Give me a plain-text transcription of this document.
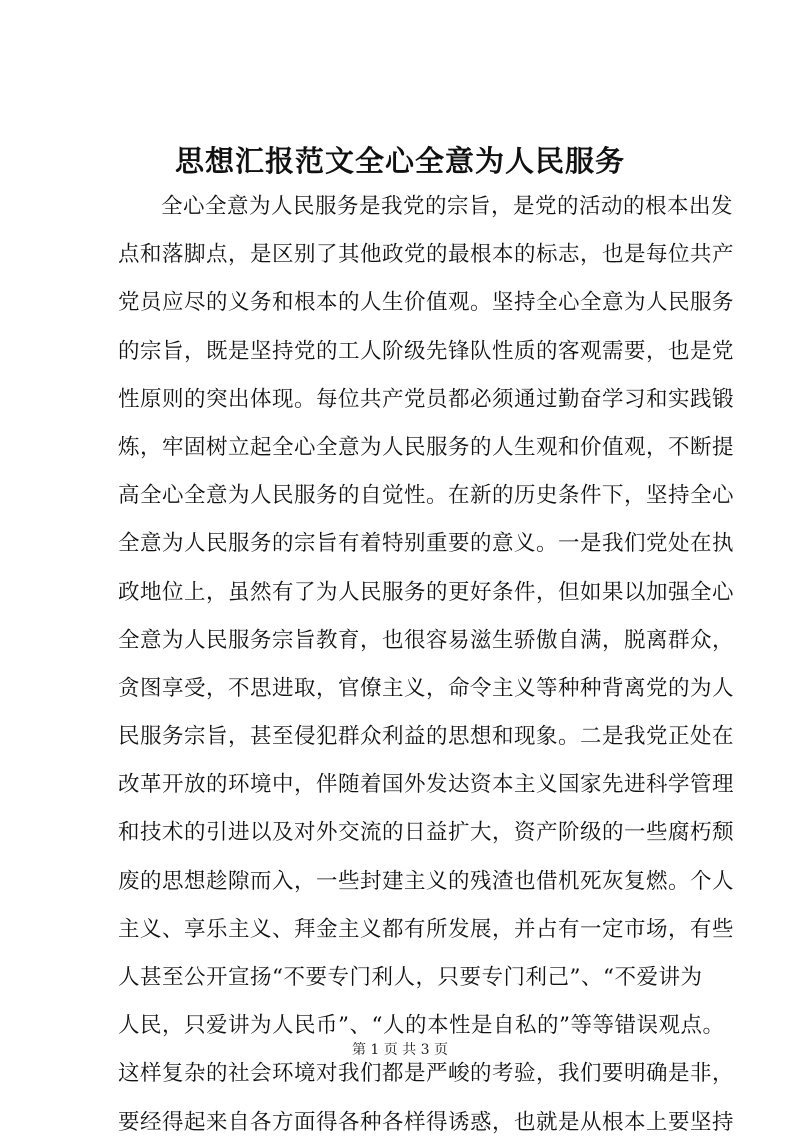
思想汇报范文全心全意为人民服务
全心全意为人民服务是我党的宗旨，是党的活动的根本出发
点和落脚点，是区别了其他政党的最根本的标志，也是每位共产
党员应尽的义务和根本的人生价值观。坚持全心全意为人民服务
的宗旨，既是坚持党的工人阶级先锋队性质的客观需要，也是党
性原则的突出体现。每位共产党员都必须通过勤奋学习和实践锻
炼，牢固树立起全心全意为人民服务的人生观和价值观，不断提
高全心全意为人民服务的自觉性。在新的历史条件下，坚持全心
全意为人民服务的宗旨有着特别重要的意义。一是我们党处在执
政地位上，虽然有了为人民服务的更好条件，但如果以加强全心
全意为人民服务宗旨教育，也很容易滋生骄傲自满，脱离群众，
贪图享受，不思进取，官僚主义，命令主义等种种背离党的为人
民服务宗旨，甚至侵犯群众利益的思想和现象。二是我党正处在
改革开放的环境中，伴随着国外发达资本主义国家先进科学管理
和技术的引进以及对外交流的日益扩大，资产阶级的一些腐朽颓
废的思想趁隙而入，一些封建主义的残渣也借机死灰复燃。个人
主义、享乐主义、拜金主义都有所发展，并占有一定市场，有些
人甚至公开宣扬“不要专门利人，只要专门利己”、“不爱讲为
人民，只爱讲为人民币”、“人的本性是自私的”等等错误观点。
这样复杂的社会环境对我们都是严峻的考验，我们要明确是非，
要经得起来自各方面得各种各样得诱惑，也就是从根本上要坚持
第 1 页 共 3 页
